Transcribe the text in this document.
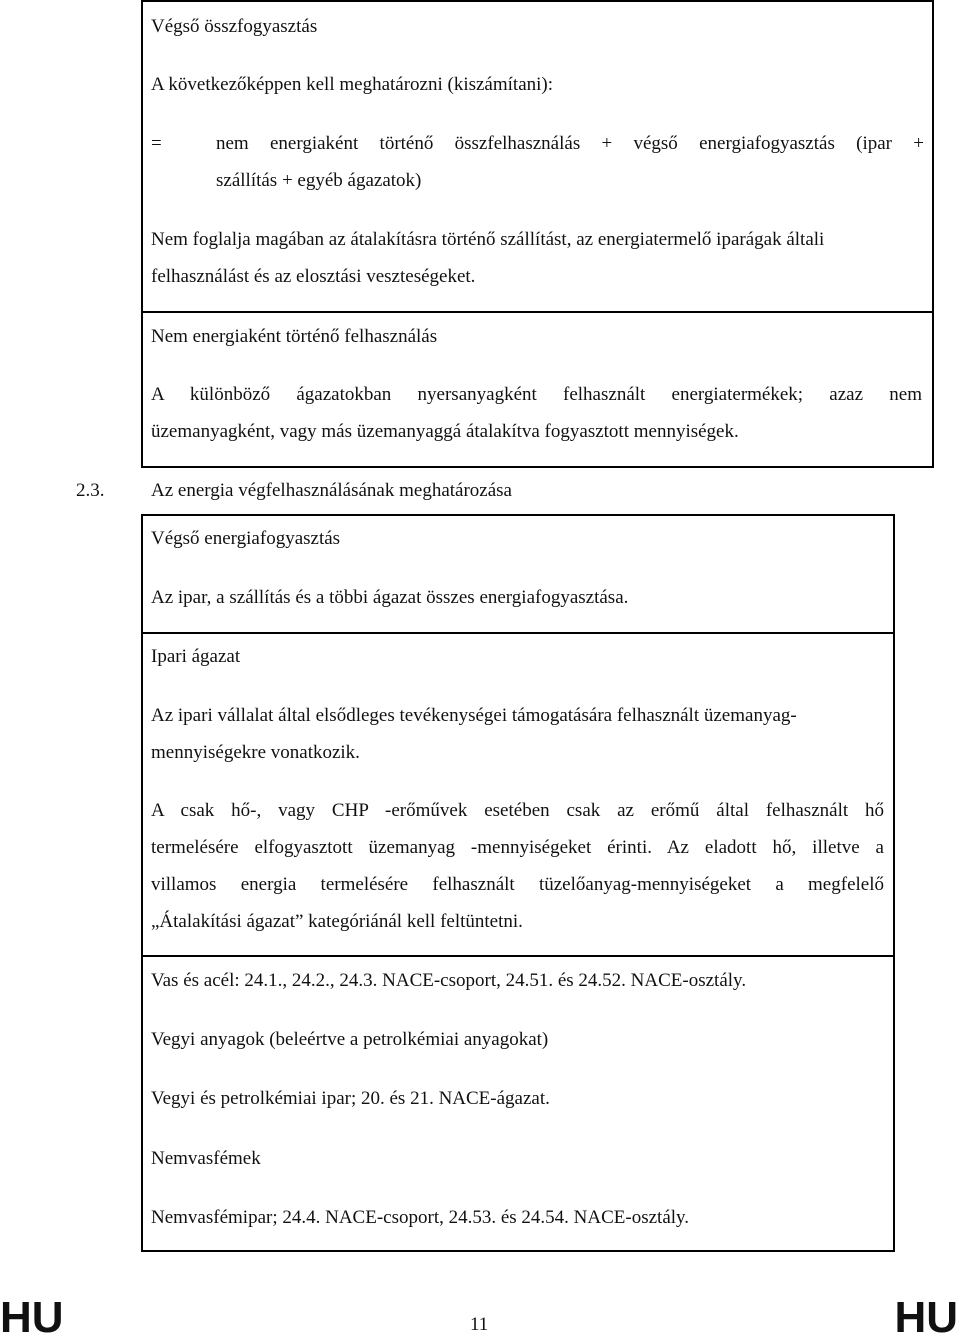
Végső összfogyasztás

A következőképpen kell meghatározni (kiszámítani):

=	nem energiaként történő összfelhasználás + végső energiafogyasztás (ipar +

szállítás + egyéb ágazatok)

Nem foglalja magában az átalakításra történő szállítást, az energiatermelő iparágak általi

felhasználást és az elosztási veszteségeket.

Nem energiaként történő felhasználás

A különböző ágazatokban nyersanyagként felhasznált energiatermékek; azaz nem

üzemanyagként, vagy más üzemanyaggá átalakítva fogyasztott mennyiségek.

2.3. Az energia végfelhasználásának meghatározása

Végső energiafogyasztás

Az ipar, a szállítás és a többi ágazat összes energiafogyasztása.

Ipari ágazat

Az ipari vállalat által elsődleges tevékenységei támogatására felhasznált üzemanyag-

mennyiségekre vonatkozik.

A csak hő-, vagy CHP -erőművek esetében csak az erőmű által felhasznált hő

termelésére elfogyasztott üzemanyag -mennyiségeket érinti. Az eladott hő, illetve a

villamos energia termelésére felhasznált tüzelőanyag-mennyiségeket a megfelelő

„Átalakítási ágazat” kategóriánál kell feltüntetni.

Vas és acél: 24.1., 24.2., 24.3. NACE-csoport, 24.51. és 24.52. NACE-osztály.

Vegyi anyagok (beleértve a petrolkémiai anyagokat)

Vegyi és petrolkémiai ipar; 20. és 21. NACE-ágazat.

Nemvasfémek

Nemvasfémipar; 24.4. NACE-csoport, 24.53. és 24.54. NACE-osztály.

HU	11	HU
